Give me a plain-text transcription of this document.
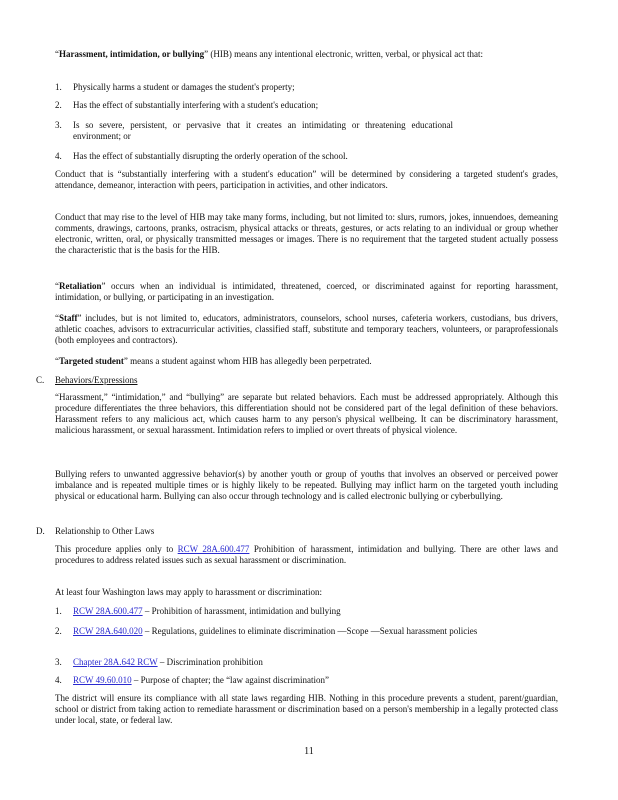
“Harassment, intimidation, or bullying” (HIB) means any intentional electronic, written, verbal, or physical act that:
1. Physically harms a student or damages the student's property;
2. Has the effect of substantially interfering with a student's education;
3. Is so severe, persistent, or pervasive that it creates an intimidating or threatening educational environment; or
4. Has the effect of substantially disrupting the orderly operation of the school.
Conduct that is “substantially interfering with a student's education” will be determined by considering a targeted student's grades, attendance, demeanor, interaction with peers, participation in activities, and other indicators.
Conduct that may rise to the level of HIB may take many forms, including, but not limited to: slurs, rumors, jokes, innuendoes, demeaning comments, drawings, cartoons, pranks, ostracism, physical attacks or threats, gestures, or acts relating to an individual or group whether electronic, written, oral, or physically transmitted messages or images. There is no requirement that the targeted student actually possess the characteristic that is the basis for the HIB.
“Retaliation” occurs when an individual is intimidated, threatened, coerced, or discriminated against for reporting harassment, intimidation, or bullying, or participating in an investigation.
“Staff” includes, but is not limited to, educators, administrators, counselors, school nurses, cafeteria workers, custodians, bus drivers, athletic coaches, advisors to extracurricular activities, classified staff, substitute and temporary teachers, volunteers, or paraprofessionals (both employees and contractors).
“Targeted student” means a student against whom HIB has allegedly been perpetrated.
C. Behaviors/Expressions
“Harassment,” “intimidation,” and “bullying” are separate but related behaviors. Each must be addressed appropriately. Although this procedure differentiates the three behaviors, this differentiation should not be considered part of the legal definition of these behaviors. Harassment refers to any malicious act, which causes harm to any person's physical wellbeing. It can be discriminatory harassment, malicious harassment, or sexual harassment. Intimidation refers to implied or overt threats of physical violence.
Bullying refers to unwanted aggressive behavior(s) by another youth or group of youths that involves an observed or perceived power imbalance and is repeated multiple times or is highly likely to be repeated. Bullying may inflict harm on the targeted youth including physical or educational harm. Bullying can also occur through technology and is called electronic bullying or cyberbullying.
D. Relationship to Other Laws
This procedure applies only to RCW 28A.600.477 Prohibition of harassment, intimidation and bullying. There are other laws and procedures to address related issues such as sexual harassment or discrimination.
At least four Washington laws may apply to harassment or discrimination:
1. RCW 28A.600.477 – Prohibition of harassment, intimidation and bullying
2. RCW 28A.640.020 – Regulations, guidelines to eliminate discrimination —Scope —Sexual harassment policies
3. Chapter 28A.642 RCW – Discrimination prohibition
4. RCW 49.60.010 – Purpose of chapter; the “law against discrimination”
The district will ensure its compliance with all state laws regarding HIB. Nothing in this procedure prevents a student, parent/guardian, school or district from taking action to remediate harassment or discrimination based on a person's membership in a legally protected class under local, state, or federal law.
11
